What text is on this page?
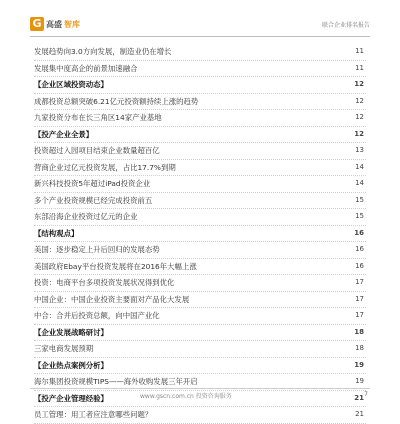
G 高盛 智库	联合企业排名报告
发展趋势向3.0方向发展，制造业仍在增长	11
发展集中度高企的前景加速融合	11
【企业区域投资动态】	12
成都投资总额突破6.21亿元投资额持续上涨的趋势	12
九家投资分布在长三角区14家产业基地	12
【投产企业全景】	12
投资超过入园项目结束企业数量超百亿	13
营商企业过亿元投资发展，占比17.7%到期	14
新兴科技投资5年超过iPad投资企业	14
多个产业投资规模已经完成投资前五	15
东部沿海企业投资过亿元的企业	15
【结构观点】	16
美国：逐步稳定上升后回归的发展态势	16
美国政府Ebay平台投资发展将在2016年大幅上涨	16
投资：电商平台多项投资发展状况得到优化	17
中国企业：中国企业投资主要面对产品化大发展	17
中合：合并后投资总额，向中国产业化	17
【企业发展战略研讨】	18
三家电商发展预期	18
【企业热点案例分析】	19
海尔集团投资规模TIPS——海外收购发展三年开启	19
【投产企业管理经验】	21
员工管理：用工者应注意哪些问题？	21
www.gscn.com.cn 投资咨询服务	7
